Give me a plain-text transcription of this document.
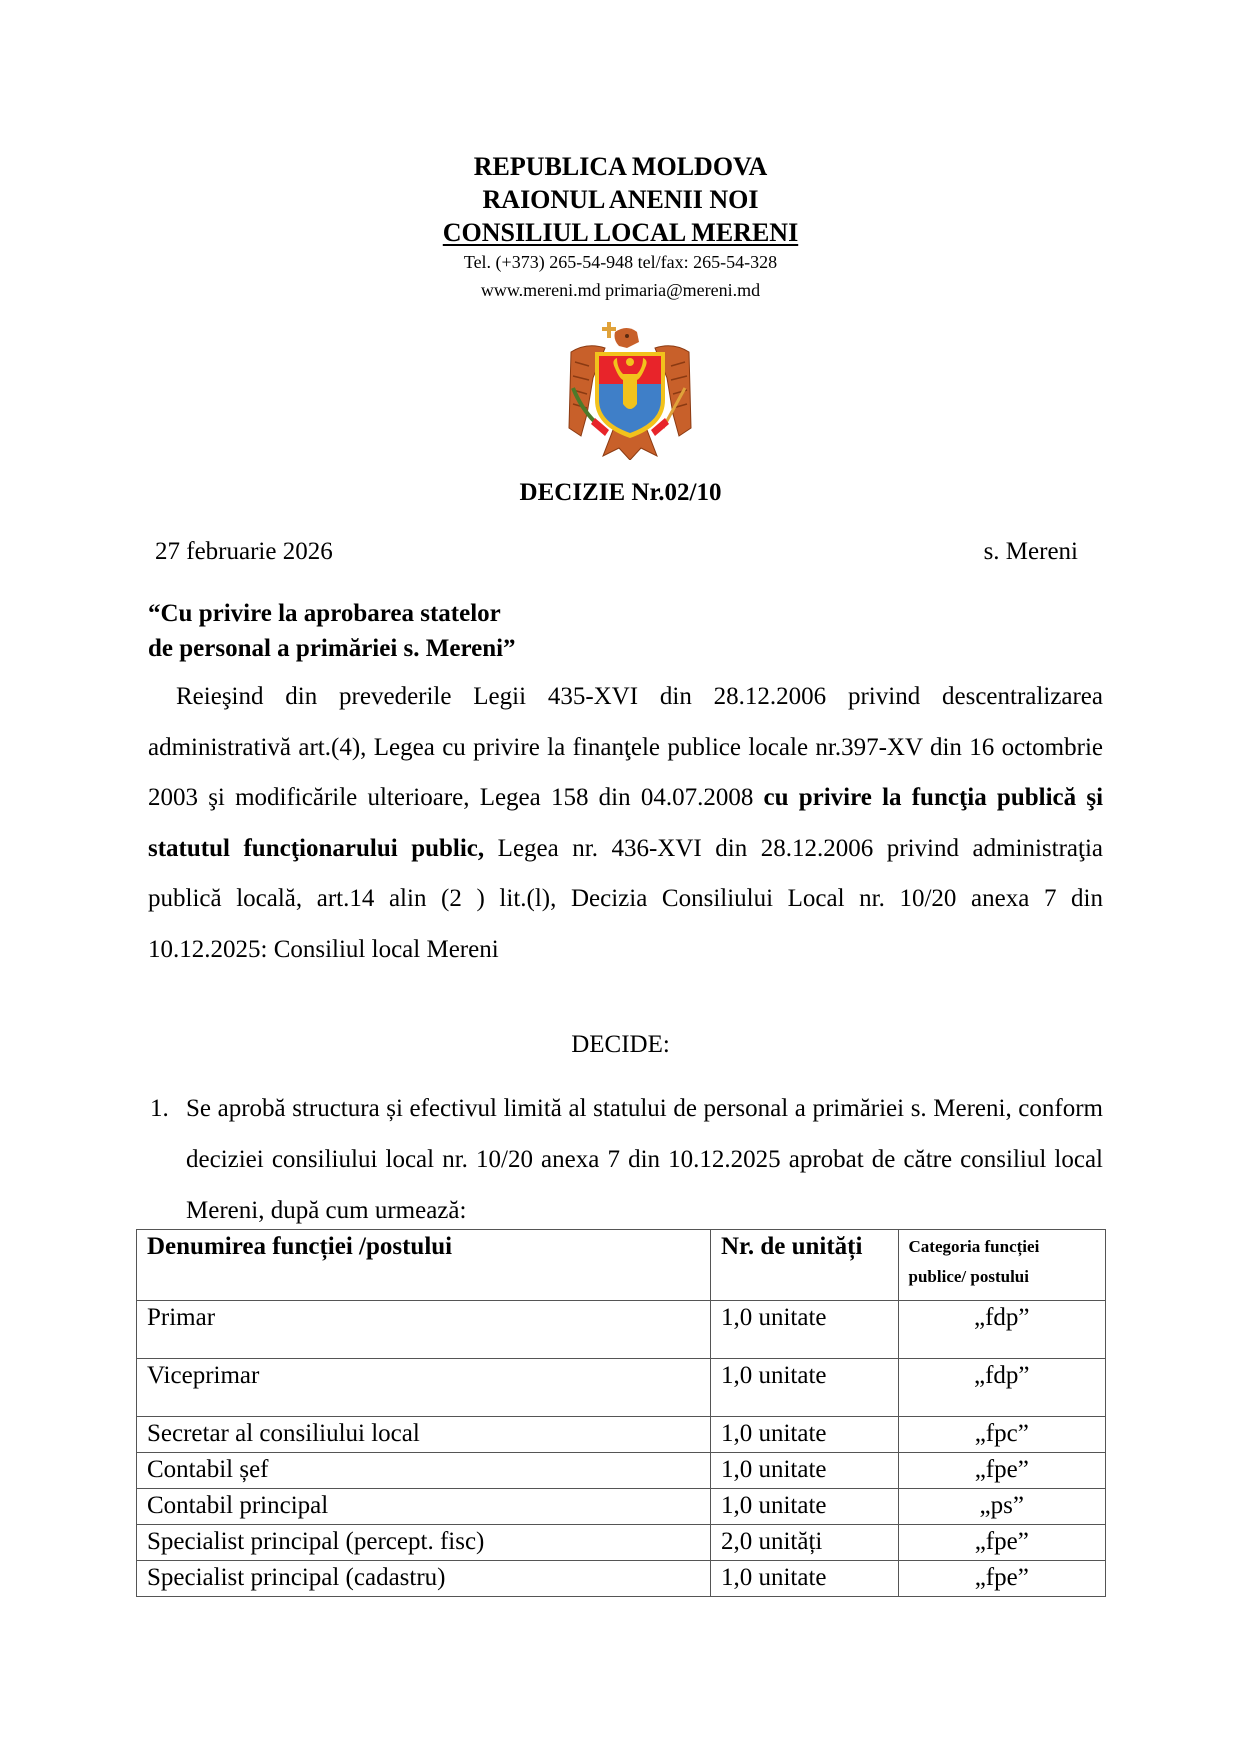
REPUBLICA MOLDOVA
RAIONUL ANENII NOI
CONSILIUL LOCAL MERENI
Tel. (+373) 265-54-948 tel/fax: 265-54-328
www.mereni.md primaria@mereni.md
DECIZIE Nr.02/10
27 februarie 2026	s. Mereni
“Cu privire la aprobarea statelor
de personal a primăriei s. Mereni”
Reieşind din prevederile Legii 435-XVI din 28.12.2006 privind descentralizarea administrativă art.(4), Legea cu privire la finanţele publice locale nr.397-XV din 16 octombrie 2003 şi modificările ulterioare, Legea 158 din 04.07.2008 cu privire la funcţia publică şi statutul funcţionarului public, Legea nr. 436-XVI din 28.12.2006 privind administraţia publică locală, art.14 alin (2 ) lit.(l), Decizia Consiliului Local nr. 10/20 anexa 7 din 10.12.2025: Consiliul local Mereni
DECIDE:
1. Se aprobă structura și efectivul limită al statului de personal a primăriei s. Mereni, conform deciziei consiliului local nr. 10/20 anexa 7 din 10.12.2025 aprobat de către consiliul local Mereni, după cum urmează:
Denumirea funcției /postului	Nr. de unități	Categoria funcției publice/ postului
Primar	1,0 unitate	„fdp”
Viceprimar	1,0 unitate	„fdp”
Secretar al consiliului local	1,0 unitate	„fpc”
Contabil șef	1,0 unitate	„fpe”
Contabil principal	1,0 unitate	„ps”
Specialist principal (percept. fisc)	2,0 unități	„fpe”
Specialist principal (cadastru)	1,0 unitate	„fpe”
